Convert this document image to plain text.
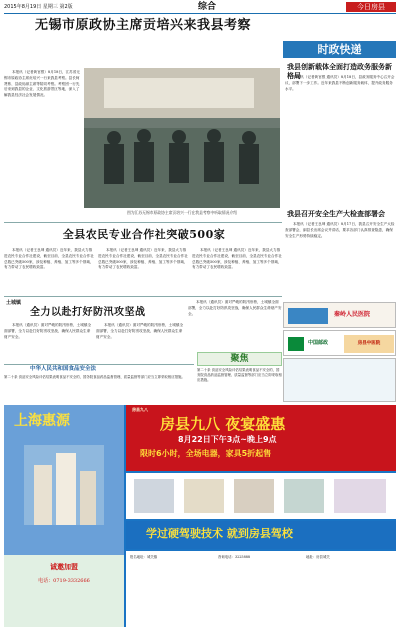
2015年8月19日 星期三 第2版	综合	今日房县
无锡市原政协主席贡培兴来我县考察
本报讯（记者黄官银）8月18日，江苏省无锡市原政协主席贡培兴一行来我县考察。县长柯贤栋、县政协副主席等陪同考察。考察团一行先后来到我县的企业、文化旅游景区等地，深入了解我县经济社会发展情况。
图为江苏无锡市原政协主席贡培兴一行在我县考察中听取情况介绍
全县农民专业合作社突破500家
本报讯（记者王良坤 通讯员）近年来，我县大力推进农民专业合作社建设，截至目前，全县农民专业合作社总数已突破500家，涉及种植、养殖、加工等多个领域，有力带动了农民增收致富。
本报讯（记者王良坤 通讯员）近年来，我县大力推进农民专业合作社建设，截至目前，全县农民专业合作社总数已突破500家，涉及种植、养殖、加工等多个领域，有力带动了农民增收致富。
本报讯（记者王良坤 通讯员）近年来，我县大力推进农民专业合作社建设，截至目前，全县农民专业合作社总数已突破500家，涉及种植、养殖、加工等多个领域，有力带动了农民增收致富。
土城镇
全力以赴打好防汛攻坚战
本报讯（通讯员）面对严峻的防汛形势，土城镇全面部署，全力以赴打好防汛攻坚战，确保人民群众生命财产安全。
本报讯（通讯员）面对严峻的防汛形势，土城镇全面部署，全力以赴打好防汛攻坚战，确保人民群众生命财产安全。
本报讯（通讯员）面对严峻的防汛形势，土城镇全面部署，全力以赴打好防汛攻坚战，确保人民群众生命财产安全。
中华人民共和国食品安全法
第二十条 食品安全风险评估结果表明食品不安全的，国务院食品药品监督管理、质量监督等部门应当立即采取相应措施。
聚焦
第二十条 食品安全风险评估结果表明食品不安全的，国务院食品药品监督管理、质量监督等部门应当立即采取相应措施。
时政快递
我县创新载体全面打造政务服务新格局
本报讯（记者黄官银 通讯员）8月18日，县政务服务中心召开会议，部署下一步工作。近年来我县不断创新服务载体，提升政务服务水平。
我县召开安全生产大检查部署会
本报讯（记者王良坤 通讯员）8月17日，我县召开安全生产大检查部署会，副县长出席会议并讲话，要求各部门认真排查隐患，确保安全生产形势持续稳定。
秦岭人民医院
中国邮政	房县中医院
上海惠源
诚邀加盟
电话：0719-3332666
房县九八
房县九八 夜宴盛惠
8月22日下午3点~晚上9点
限时6小时，全场电器，家具5折起售
学过硬驾驶技术 就到房县驾校
报名地址：城关镇	咨询电话：3225888	地址：房县城关
